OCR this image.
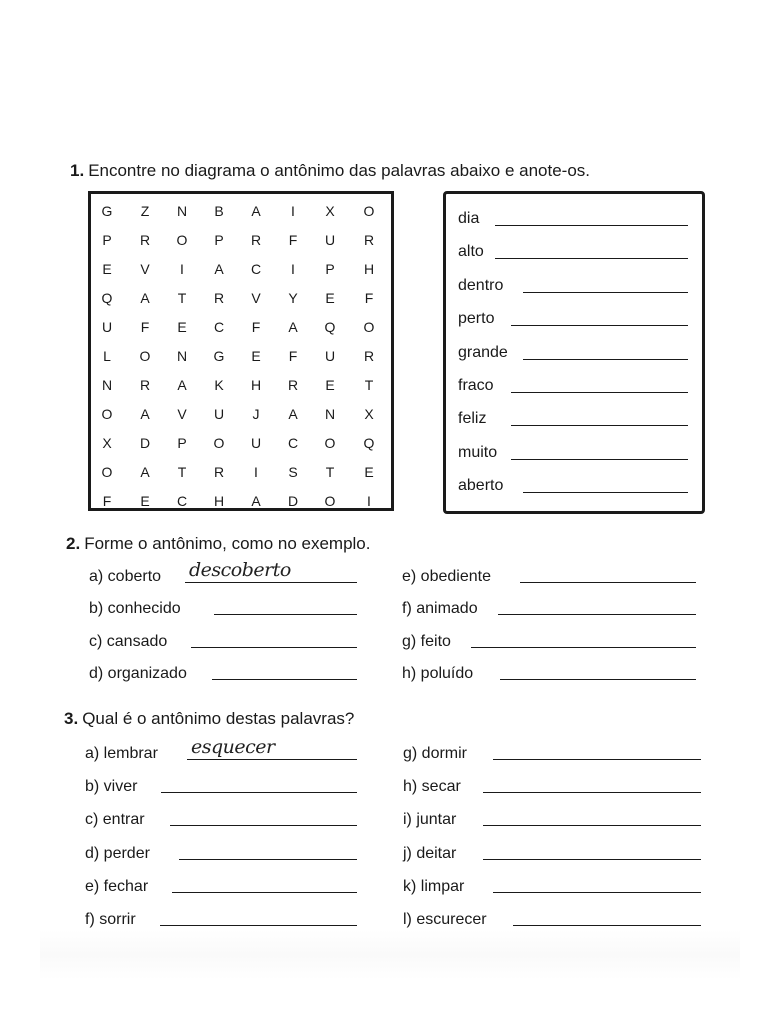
1. Encontre no diagrama o antônimo das palavras abaixo e anote-os.
G	Z	N	B	A	I	X	O
P	R	O	P	R	F	U	R
E	V	I	A	C	I	P	H
Q	A	T	R	V	Y	E	F
U	F	E	C	F	A	Q	O
L	O	N	G	E	F	U	R
N	R	A	K	H	R	E	T
O	A	V	U	J	A	N	X
X	D	P	O	U	C	O	Q
O	A	T	R	I	S	T	E
F	E	C	H	A	D	O	I
dia
alto
dentro
perto
grande
fraco
feliz
muito
aberto
2. Forme o antônimo, como no exemplo.
a) coberto descoberto
b) conhecido
c) cansado
d) organizado
e) obediente
f) animado
g) feito
h) poluído
3. Qual é o antônimo destas palavras?
a) lembrar esquecer
b) viver
c) entrar
d) perder
e) fechar
f) sorrir
g) dormir
h) secar
i) juntar
j) deitar
k) limpar
l) escurecer
